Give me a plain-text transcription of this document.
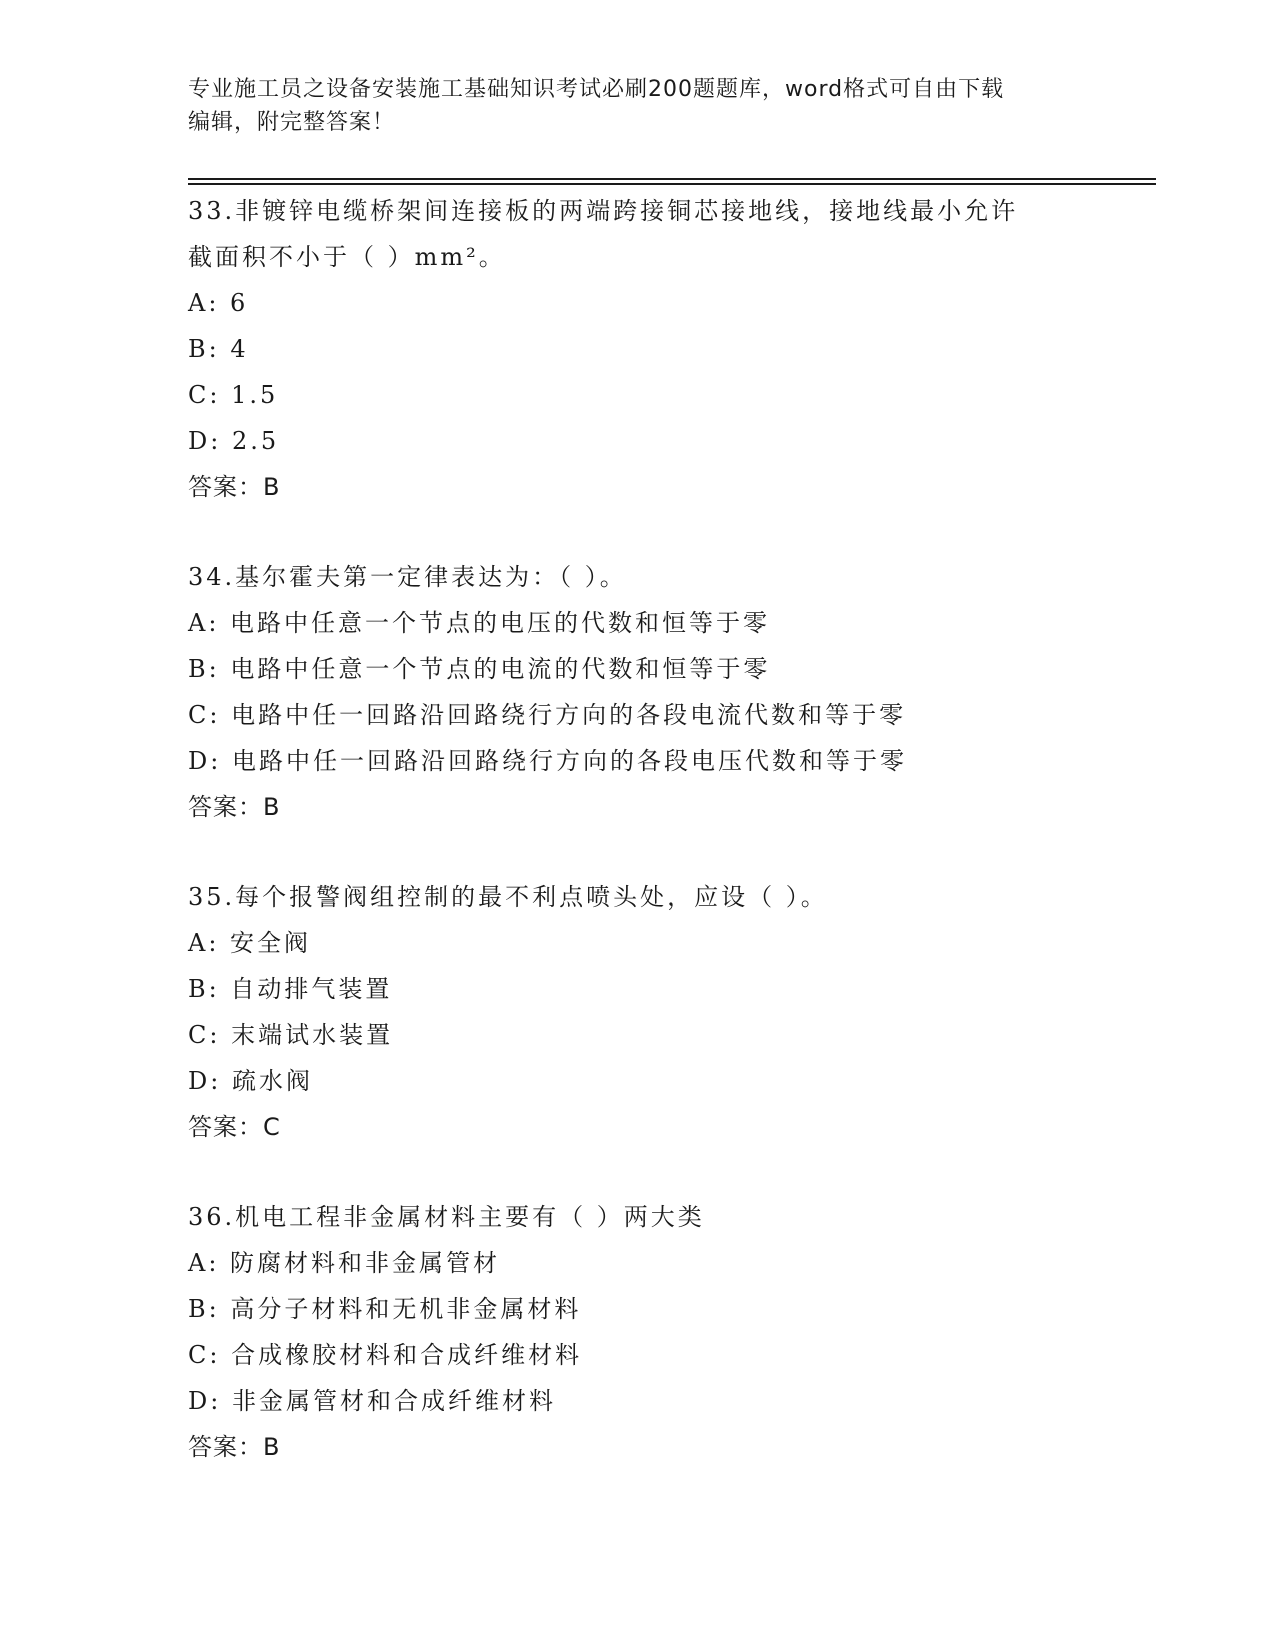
专业施工员之设备安装施工基础知识考试必刷200题题库，word格式可自由下载
编辑，附完整答案！

33.非镀锌电缆桥架间连接板的两端跨接铜芯接地线，接地线最小允许

截面积不小于（ ）mm²。

A: 6

B: 4

C: 1.5

D: 2.5

答案：B

34.基尔霍夫第一定律表达为：（ ）。

A: 电路中任意一个节点的电压的代数和恒等于零

B: 电路中任意一个节点的电流的代数和恒等于零

C: 电路中任一回路沿回路绕行方向的各段电流代数和等于零

D: 电路中任一回路沿回路绕行方向的各段电压代数和等于零

答案：B

35.每个报警阀组控制的最不利点喷头处，应设（ ）。

A: 安全阀

B: 自动排气装置

C: 末端试水装置

D: 疏水阀

答案：C

36.机电工程非金属材料主要有（ ）两大类

A: 防腐材料和非金属管材

B: 高分子材料和无机非金属材料

C: 合成橡胶材料和合成纤维材料

D: 非金属管材和合成纤维材料

答案：B
